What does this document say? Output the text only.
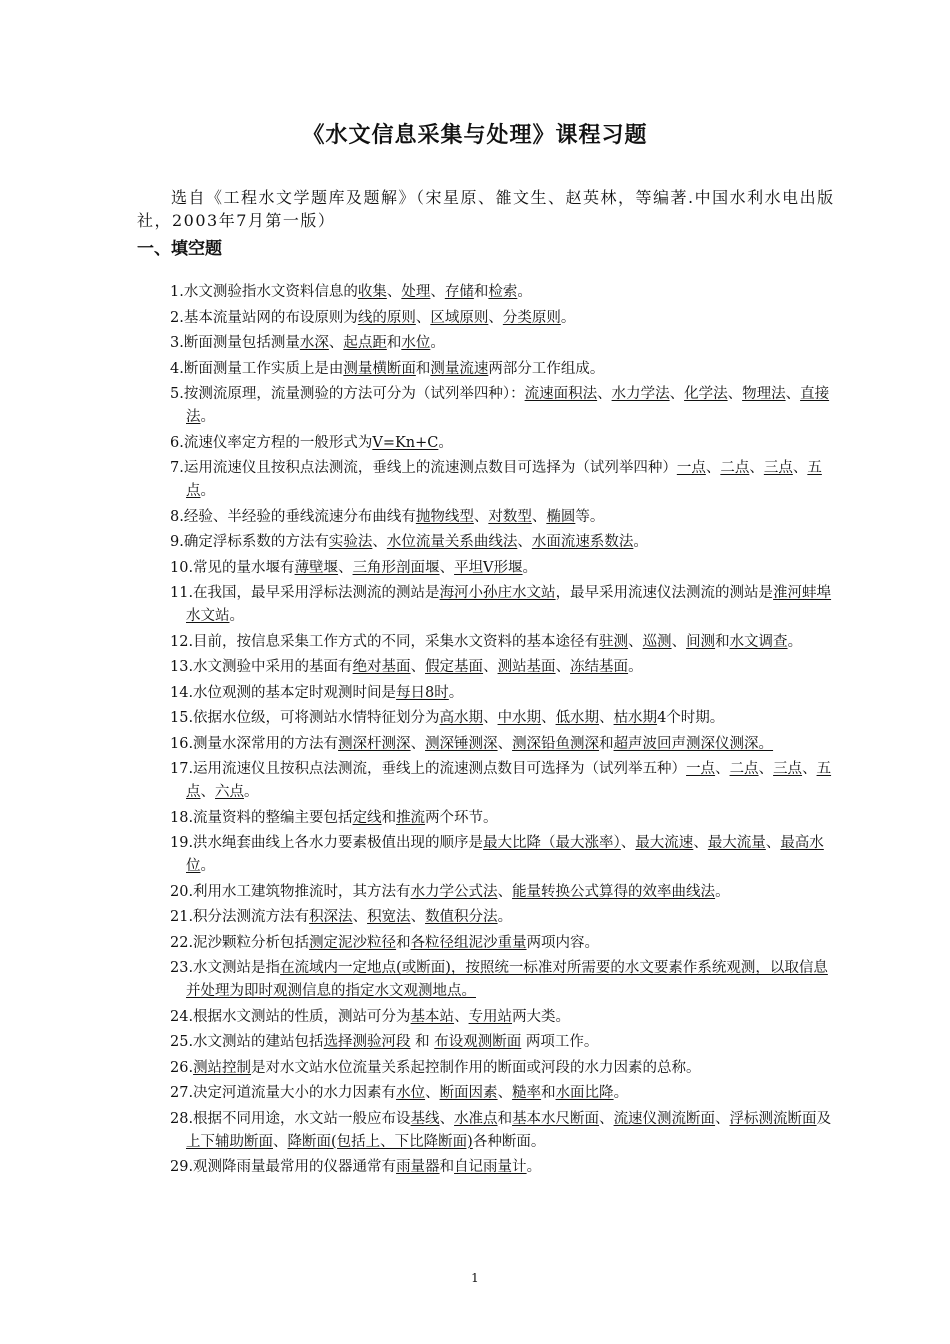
《水文信息采集与处理》课程习题
选自《工程水文学题库及题解》（宋星原、雒文生、赵英林，等编著.中国水利水电出版社，2003年7月第一版）
一、填空题
1.水文测验指水文资料信息的收集、处理、存储和检索。
2.基本流量站网的布设原则为线的原则、区域原则、分类原则。
3.断面测量包括测量水深、起点距和水位。
4.断面测量工作实质上是由测量横断面和测量流速两部分工作组成。
5.按测流原理，流量测验的方法可分为（试列举四种）：流速面积法、水力学法、化学法、物理法、直接法。
6.流速仪率定方程的一般形式为V=Kn+C。
7.运用流速仪且按积点法测流，垂线上的流速测点数目可选择为（试列举四种）一点、二点、三点、五点。
8.经验、半经验的垂线流速分布曲线有抛物线型、对数型、椭圆等。
9.确定浮标系数的方法有实验法、水位流量关系曲线法、水面流速系数法。
10.常见的量水堰有薄壁堰、三角形剖面堰、平坦V形堰。
11.在我国，最早采用浮标法测流的测站是海河小孙庄水文站，最早采用流速仪法测流的测站是淮河蚌埠水文站。
12.目前，按信息采集工作方式的不同，采集水文资料的基本途径有驻测、巡测、间测和水文调查。
13.水文测验中采用的基面有绝对基面、假定基面、测站基面、冻结基面。
14.水位观测的基本定时观测时间是每日8时。
15.依据水位级，可将测站水情特征划分为高水期、中水期、低水期、枯水期4个时期。
16.测量水深常用的方法有测深杆测深、测深锤测深、测深铅鱼测深和超声波回声测深仪测深。
17.运用流速仪且按积点法测流，垂线上的流速测点数目可选择为（试列举五种）一点、二点、三点、五点、六点。
18.流量资料的整编主要包括定线和推流两个环节。
19.洪水绳套曲线上各水力要素极值出现的顺序是最大比降（最大涨率）、最大流速、最大流量、最高水位。
20.利用水工建筑物推流时，其方法有水力学公式法、能量转换公式算得的效率曲线法。
21.积分法测流方法有积深法、积宽法、数值积分法。
22.泥沙颗粒分析包括测定泥沙粒径和各粒径组泥沙重量两项内容。
23.水文测站是指在流域内一定地点(或断面)，按照统一标准对所需要的水文要素作系统观测，以取信息并处理为即时观测信息的指定水文观测地点。
24.根据水文测站的性质，测站可分为基本站、专用站两大类。
25.水文测站的建站包括选择测验河段 和 布设观测断面 两项工作。
26.测站控制是对水文站水位流量关系起控制作用的断面或河段的水力因素的总称。
27.决定河道流量大小的水力因素有水位、断面因素、糙率和水面比降。
28.根据不同用途，水文站一般应布设基线、水准点和基本水尺断面、流速仪测流断面、浮标测流断面及上下辅助断面、降断面(包括上、下比降断面)各种断面。
29.观测降雨量最常用的仪器通常有雨量器和自记雨量计。
1
